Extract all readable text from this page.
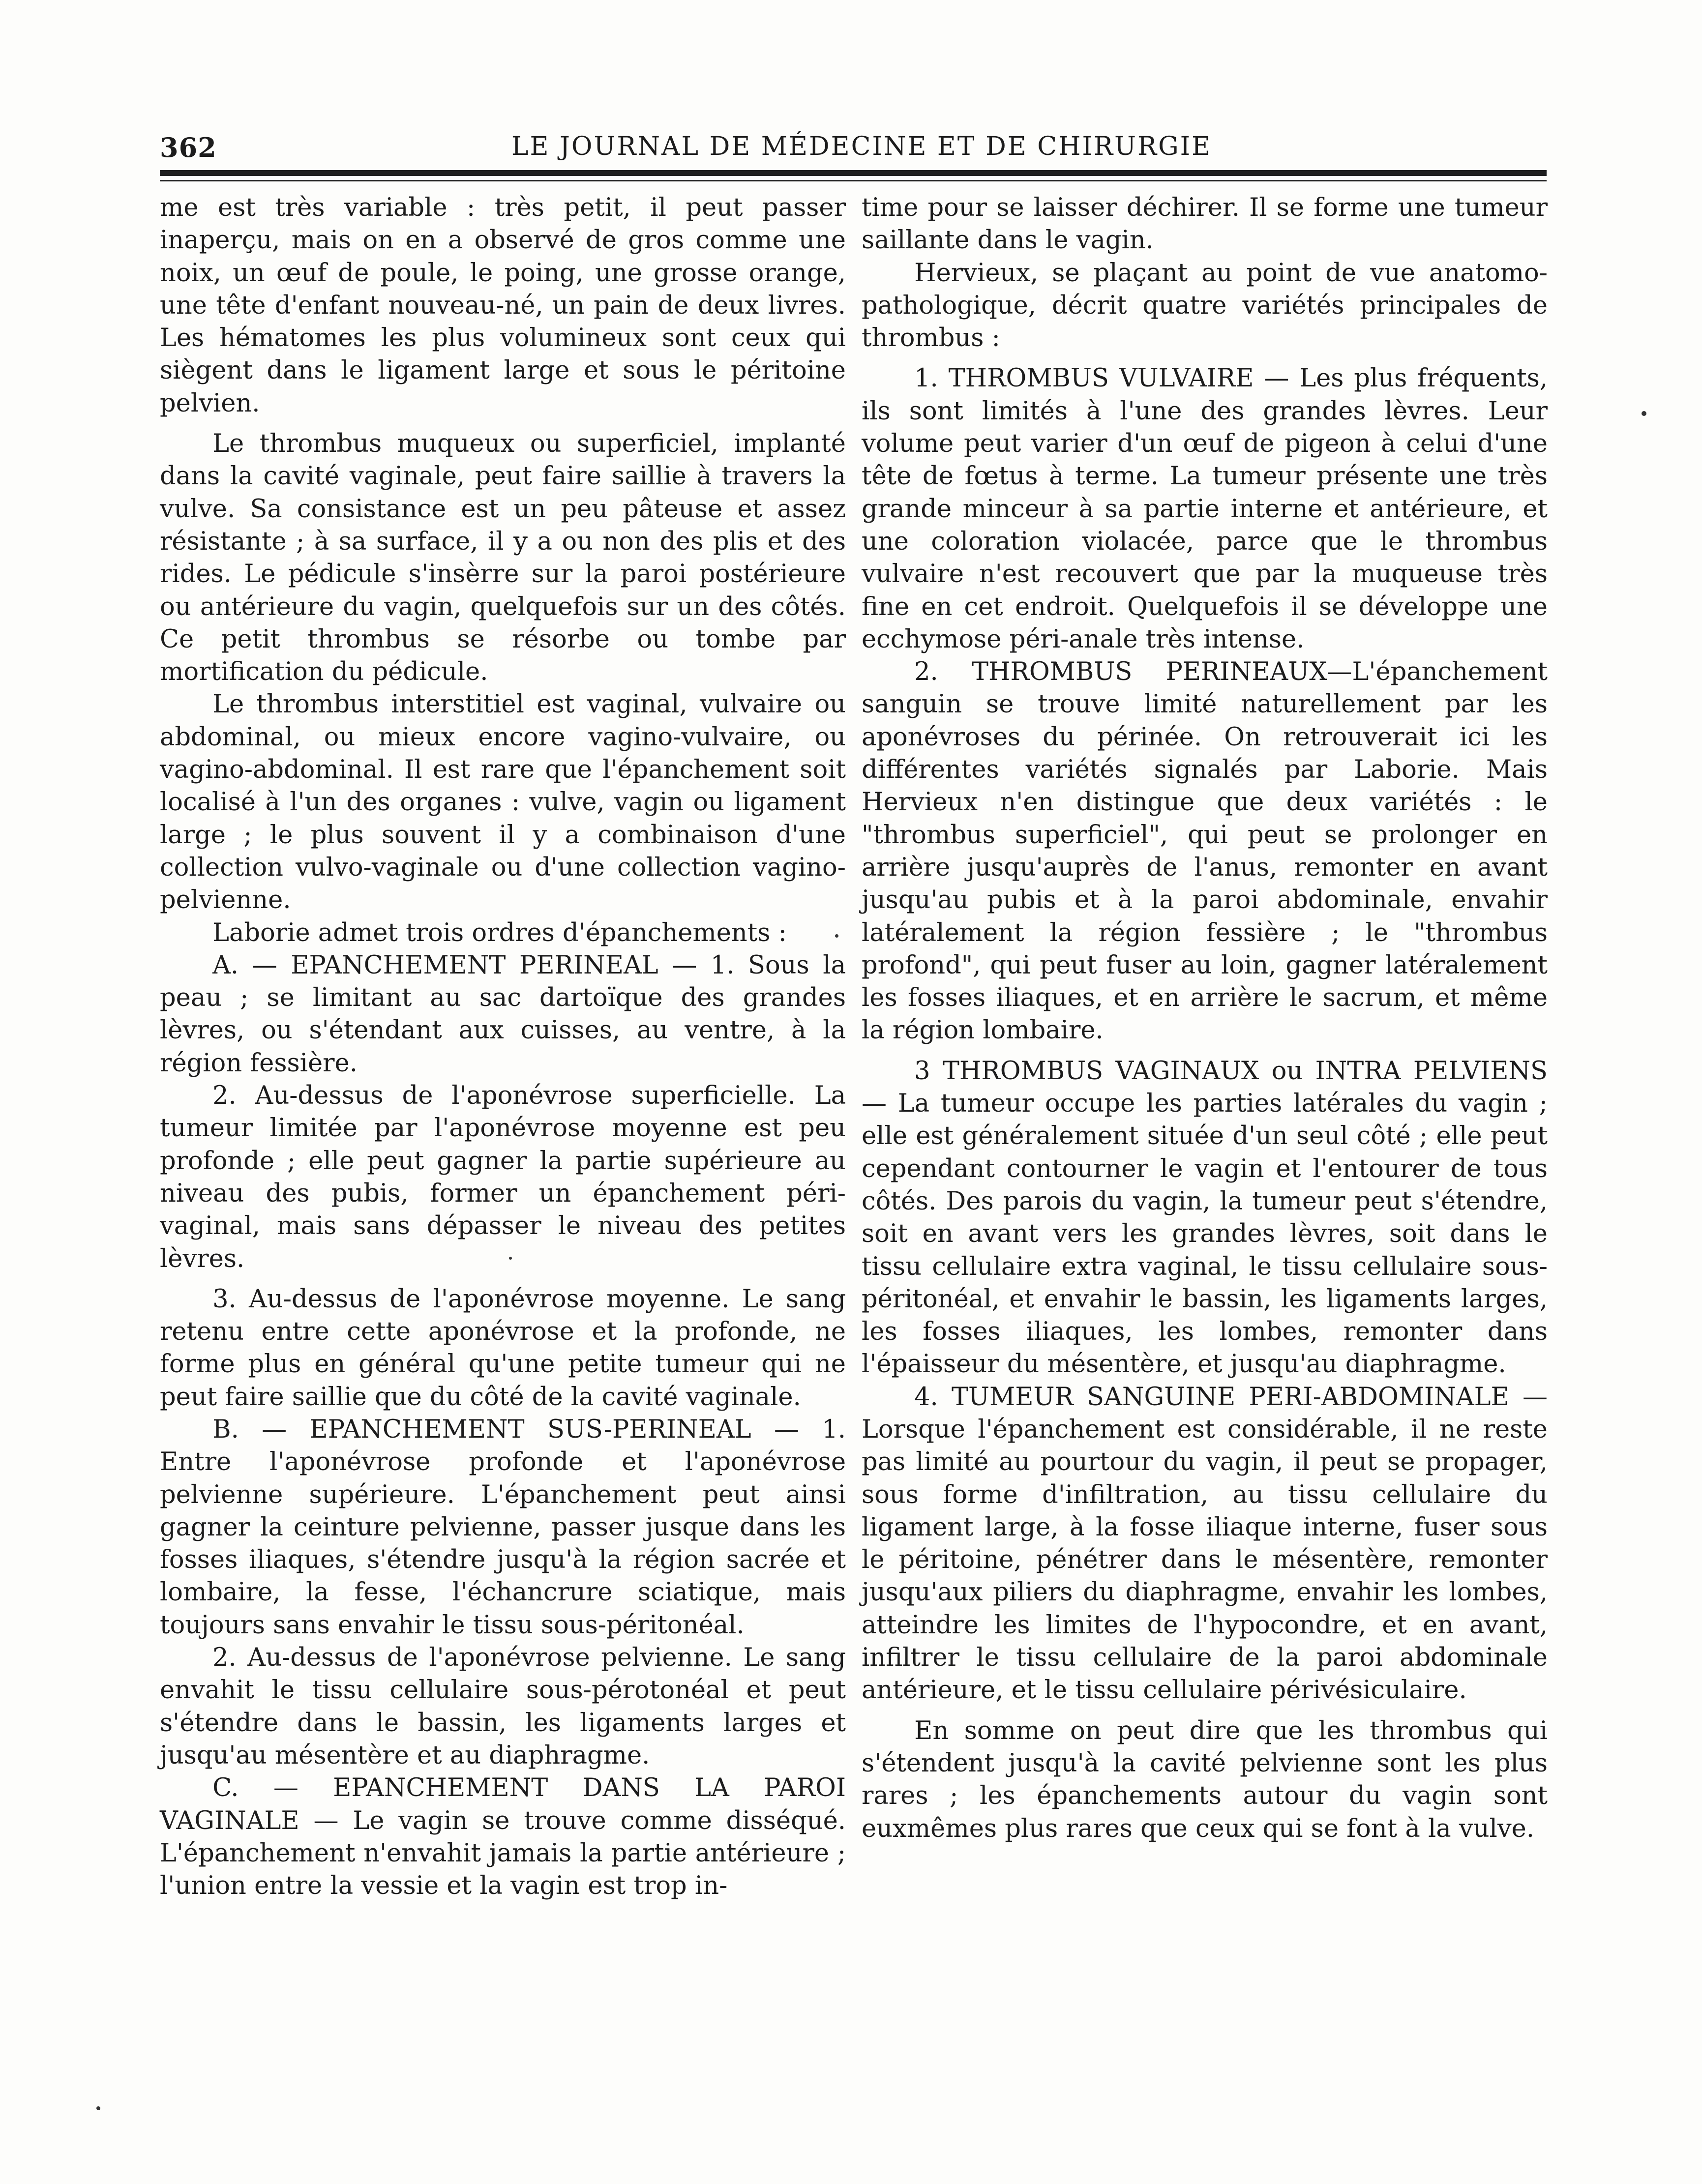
362	LE JOURNAL DE MÉDECINE ET DE CHIRURGIE

me est très variable : très petit, il peut passer inaperçu, mais on en a observé de gros comme une noix, un œuf de poule, le poing, une grosse orange, une tête d'enfant nouveau-né, un pain de deux livres. Les hématomes les plus volumineux sont ceux qui siègent dans le ligament large et sous le péritoine pelvien.

Le thrombus muqueux ou superficiel, implanté dans la cavité vaginale, peut faire saillie à travers la vulve. Sa consistance est un peu pâteuse et assez résistante ; à sa surface, il y a ou non des plis et des rides. Le pédicule s'insèrre sur la paroi postérieure ou antérieure du vagin, quelquefois sur un des côtés. Ce petit thrombus se résorbe ou tombe par mortification du pédicule.

Le thrombus interstitiel est vaginal, vulvaire ou abdominal, ou mieux encore vagino-vulvaire, ou vagino-abdominal. Il est rare que l'épanchement soit localisé à l'un des organes : vulve, vagin ou ligament large ; le plus souvent il y a combinaison d'une collection vulvo-vaginale ou d'une collection vagino-pelvienne.

Laborie admet trois ordres d'épanchements :

A. — EPANCHEMENT PERINEAL — 1. Sous la peau ; se limitant au sac dartoïque des grandes lèvres, ou s'étendant aux cuisses, au ventre, à la région fessière.

2. Au-dessus de l'aponévrose superficielle. La tumeur limitée par l'aponévrose moyenne est peu profonde ; elle peut gagner la partie supérieure au niveau des pubis, former un épanchement péri-vaginal, mais sans dépasser le niveau des petites lèvres.

3. Au-dessus de l'aponévrose moyenne. Le sang retenu entre cette aponévrose et la profonde, ne forme plus en général qu'une petite tumeur qui ne peut faire saillie que du côté de la cavité vaginale.

B. — EPANCHEMENT SUS-PERINEAL — 1. Entre l'aponévrose profonde et l'aponévrose pelvienne supérieure. L'épanchement peut ainsi gagner la ceinture pelvienne, passer jusque dans les fosses iliaques, s'étendre jusqu'à la région sacrée et lombaire, la fesse, l'échancrure sciatique, mais toujours sans envahir le tissu sous-péritonéal.

2. Au-dessus de l'aponévrose pelvienne. Le sang envahit le tissu cellulaire sous-pérotonéal et peut s'étendre dans le bassin, les ligaments larges et jusqu'au mésentère et au diaphragme.

C. — EPANCHEMENT DANS LA PAROI VAGINALE — Le vagin se trouve comme disséqué. L'épanchement n'envahit jamais la partie antérieure ; l'union entre la vessie et la vagin est trop in-

time pour se laisser déchirer. Il se forme une tumeur saillante dans le vagin.

Hervieux, se plaçant au point de vue anatomo-pathologique, décrit quatre variétés principales de thrombus :

1. THROMBUS VULVAIRE — Les plus fréquents, ils sont limités à l'une des grandes lèvres. Leur volume peut varier d'un œuf de pigeon à celui d'une tête de fœtus à terme. La tumeur présente une très grande minceur à sa partie interne et antérieure, et une coloration violacée, parce que le thrombus vulvaire n'est recouvert que par la muqueuse très fine en cet endroit. Quelquefois il se développe une ecchymose péri-anale très intense.

2. THROMBUS PERINEAUX—L'épanchement sanguin se trouve limité naturellement par les aponévroses du périnée. On retrouverait ici les différentes variétés signalés par Laborie. Mais Hervieux n'en distingue que deux variétés : le "thrombus superficiel", qui peut se prolonger en arrière jusqu'auprès de l'anus, remonter en avant jusqu'au pubis et à la paroi abdominale, envahir latéralement la région fessière ; le "thrombus profond", qui peut fuser au loin, gagner latéralement les fosses iliaques, et en arrière le sacrum, et même la région lombaire.

3 THROMBUS VAGINAUX ou INTRA PELVIENS — La tumeur occupe les parties latérales du vagin ; elle est généralement située d'un seul côté ; elle peut cependant contourner le vagin et l'entourer de tous côtés. Des parois du vagin, la tumeur peut s'étendre, soit en avant vers les grandes lèvres, soit dans le tissu cellulaire extra vaginal, le tissu cellulaire sous-péritonéal, et envahir le bassin, les ligaments larges, les fosses iliaques, les lombes, remonter dans l'épaisseur du mésentère, et jusqu'au diaphragme.

4. TUMEUR SANGUINE PERI-ABDOMINALE — Lorsque l'épanchement est considérable, il ne reste pas limité au pourtour du vagin, il peut se propager, sous forme d'infiltration, au tissu cellulaire du ligament large, à la fosse iliaque interne, fuser sous le péritoine, pénétrer dans le mésentère, remonter jusqu'aux piliers du diaphragme, envahir les lombes, atteindre les limites de l'hypocondre, et en avant, infiltrer le tissu cellulaire de la paroi abdominale antérieure, et le tissu cellulaire périvésiculaire.

En somme on peut dire que les thrombus qui s'étendent jusqu'à la cavité pelvienne sont les plus rares ; les épanchements autour du vagin sont euxmêmes plus rares que ceux qui se font à la vulve.
